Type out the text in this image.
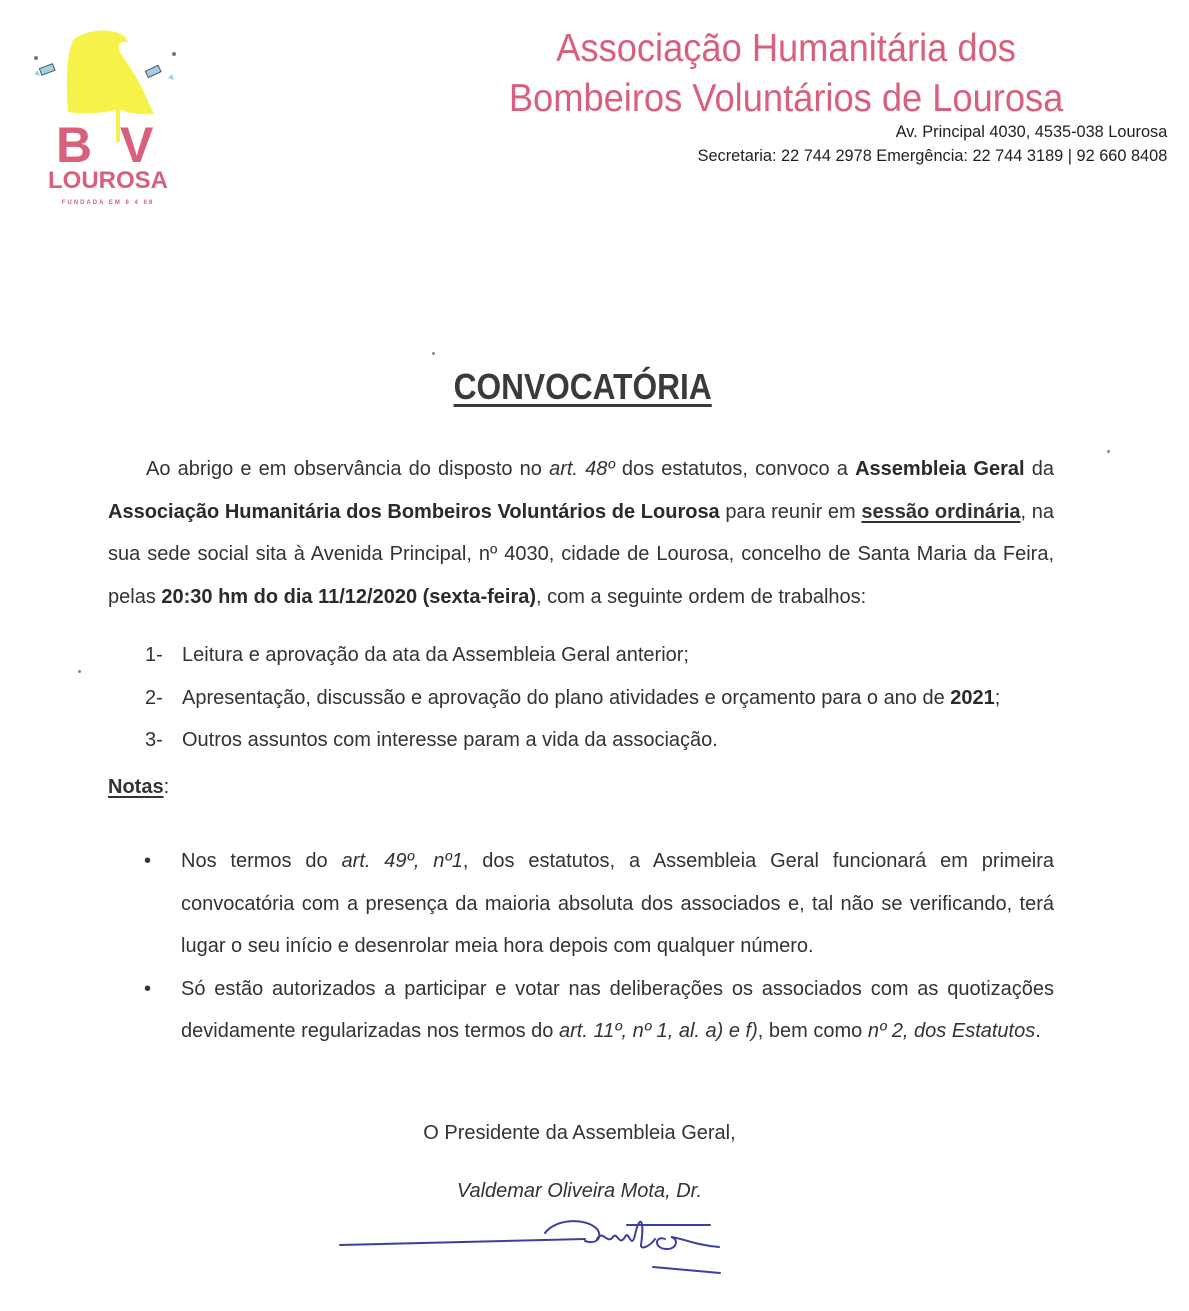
B V
LOUROSA
FUNDADA EM 8 4 68
Associação Humanitária dos
Bombeiros Voluntários de Lourosa
Av. Principal 4030, 4535-038 Lourosa
Secretaria: 22 744 2978 Emergência: 22 744 3189 | 92 660 8408
CONVOCATÓRIA
Ao abrigo e em observância do disposto no art. 48º dos estatutos, convoco a Assembleia Geral da Associação Humanitária dos Bombeiros Voluntários de Lourosa para reunir em sessão ordinária, na sua sede social sita à Avenida Principal, nº 4030, cidade de Lourosa, concelho de Santa Maria da Feira, pelas 20:30 hm do dia 11/12/2020 (sexta-feira), com a seguinte ordem de trabalhos:
1- Leitura e aprovação da ata da Assembleia Geral anterior;
2- Apresentação, discussão e aprovação do plano atividades e orçamento para o ano de 2021;
3- Outros assuntos com interesse param a vida da associação.
Notas:
• Nos termos do art. 49º, nº1, dos estatutos, a Assembleia Geral funcionará em primeira convocatória com a presença da maioria absoluta dos associados e, tal não se verificando, terá lugar o seu início e desenrolar meia hora depois com qualquer número.
• Só estão autorizados a participar e votar nas deliberações os associados com as quotizações devidamente regularizadas nos termos do art. 11º, nº 1, al. a) e f), bem como nº 2, dos Estatutos.
O Presidente da Assembleia Geral,
Valdemar Oliveira Mota, Dr.
